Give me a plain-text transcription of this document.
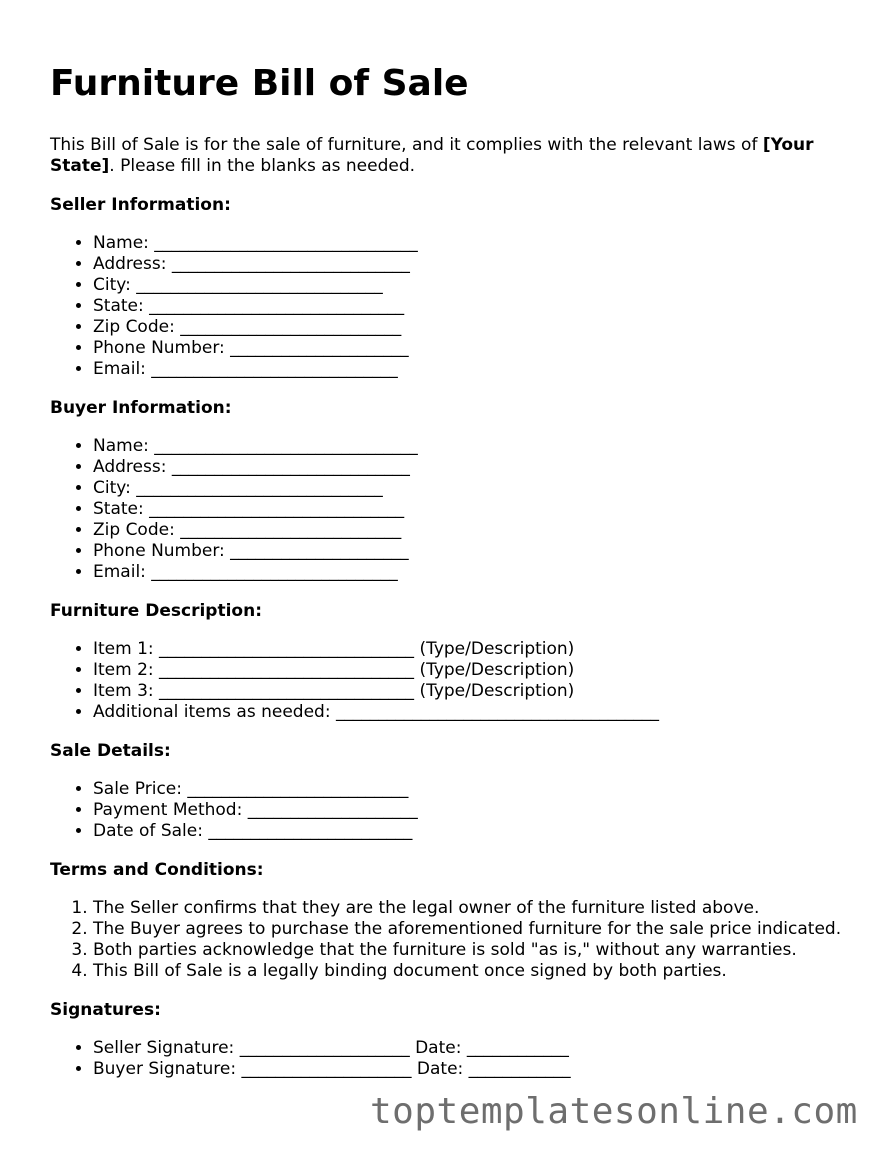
Furniture Bill of Sale

This Bill of Sale is for the sale of furniture, and it complies with the relevant laws of [Your State]. Please fill in the blanks as needed.

Seller Information:
• Name: _______________________________
• Address: ____________________________
• City: _____________________________
• State: ______________________________
• Zip Code: __________________________
• Phone Number: _____________________
• Email: _____________________________
Buyer Information:
• Name: _______________________________
• Address: ____________________________
• City: _____________________________
• State: ______________________________
• Zip Code: __________________________
• Phone Number: _____________________
• Email: _____________________________
Furniture Description:
• Item 1: ______________________________ (Type/Description)
• Item 2: ______________________________ (Type/Description)
• Item 3: ______________________________ (Type/Description)
• Additional items as needed: ______________________________________
Sale Details:
• Sale Price: __________________________
• Payment Method: ____________________
• Date of Sale: ________________________
Terms and Conditions:
1. The Seller confirms that they are the legal owner of the furniture listed above.
2. The Buyer agrees to purchase the aforementioned furniture for the sale price indicated.
3. Both parties acknowledge that the furniture is sold "as is," without any warranties.
4. This Bill of Sale is a legally binding document once signed by both parties.
Signatures:
• Seller Signature: ____________________ Date: ____________
• Buyer Signature: ____________________ Date: ____________
toptemplatesonline.com
